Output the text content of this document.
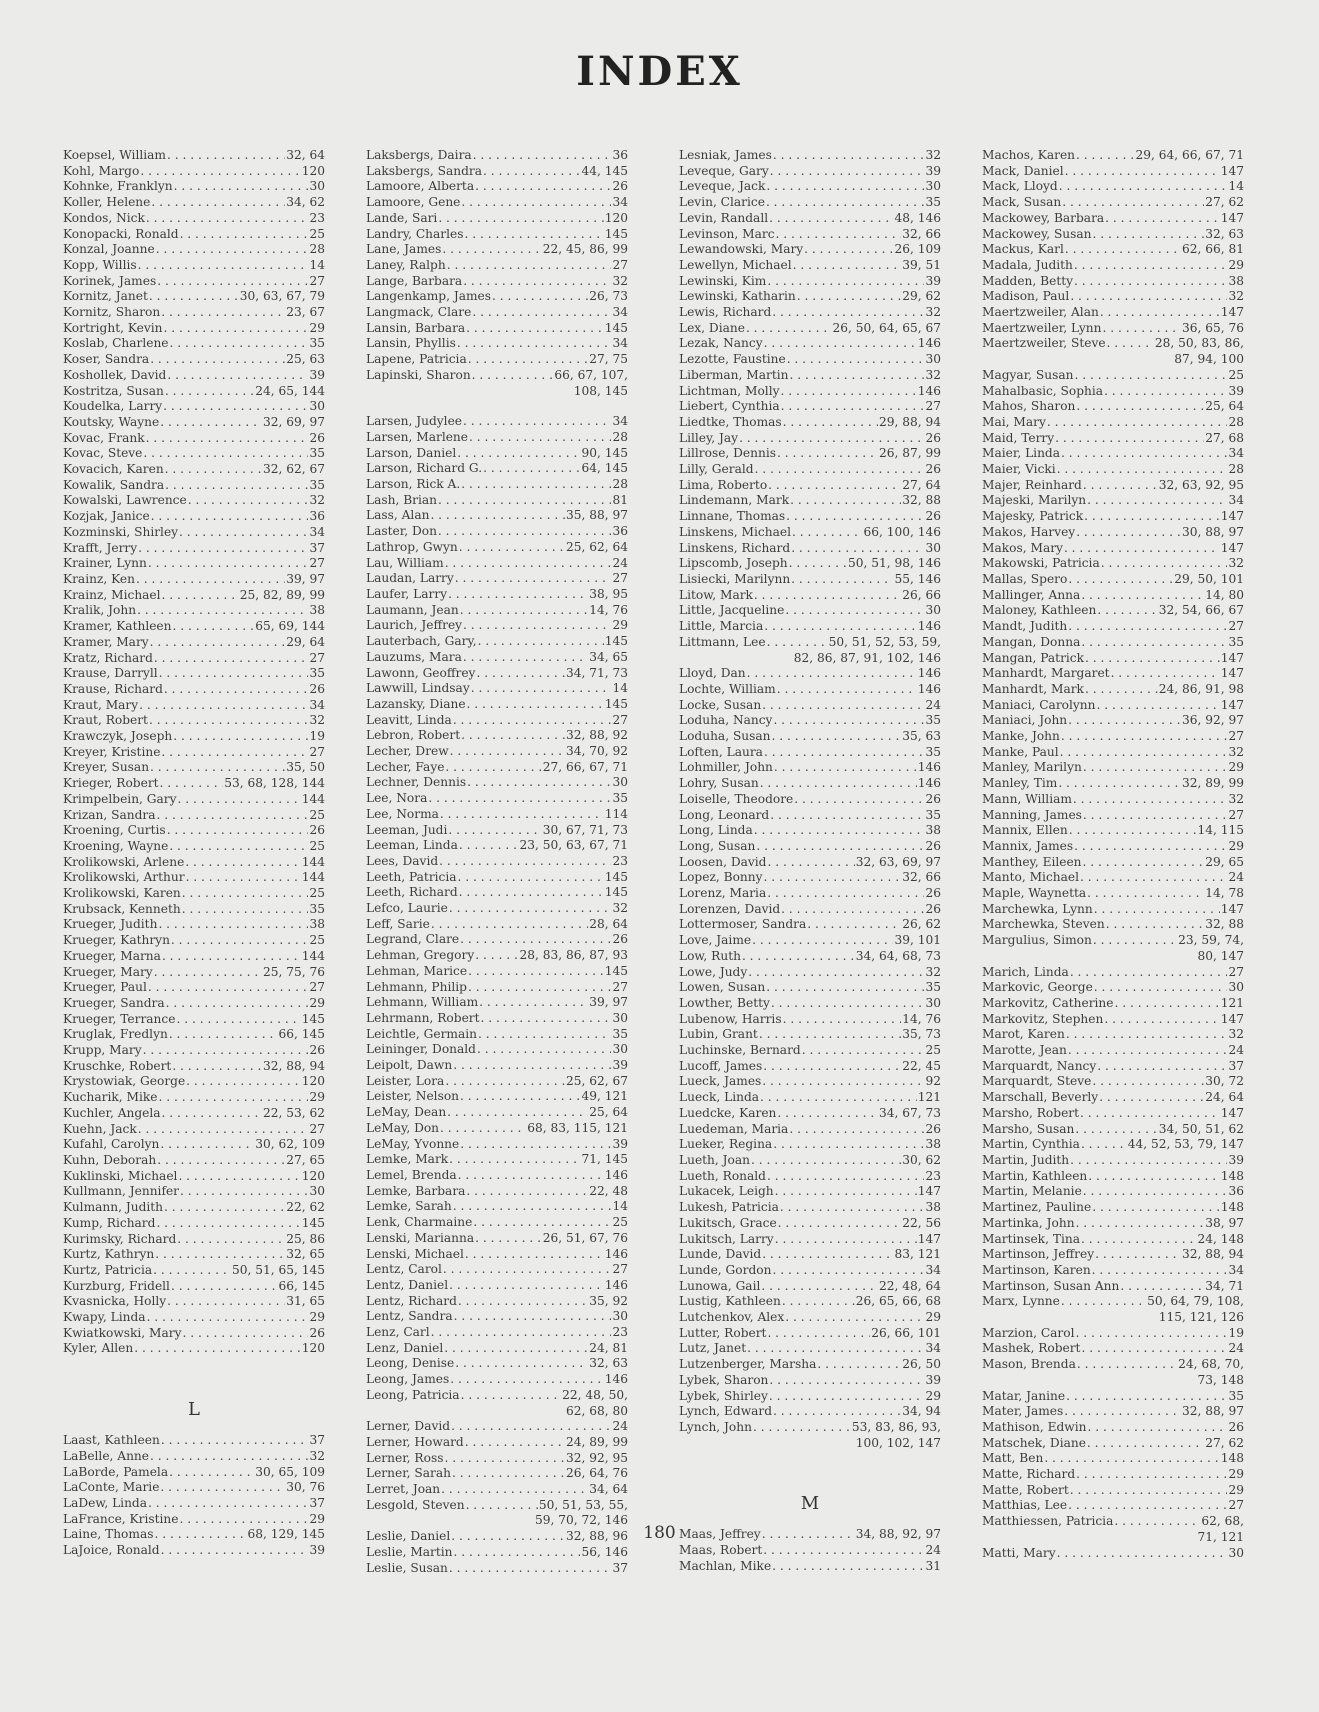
INDEX
Koepsel, William . . .	32, 64
Kohl, Margo . . .	120
Kohnke, Franklyn . . .	30
Koller, Helene . . .	34, 62
Kondos, Nick . . .	23
Konopacki, Ronald . . .	25
Konzal, Joanne . . .	28
Kopp, Willis . . .	14
Korinek, James . . .	27
Kornitz, Janet . . .	30, 63, 67, 79
Kornitz, Sharon . . .	23, 67
Kortright, Kevin . . .	29
Koslab, Charlene . . .	35
Koser, Sandra . . .	25, 63
Koshollek, David . . .	39
Kostritza, Susan . . .	24, 65, 144
Koudelka, Larry . . .	30
Koutsky, Wayne . . .	32, 69, 97
Kovac, Frank . . .	26
Kovac, Steve . . .	35
Kovacich, Karen . . .	32, 62, 67
Kowalik, Sandra . . .	35
Kowalski, Lawrence . . .	32
Kozjak, Janice . . .	36
Kozminski, Shirley . . .	34
Krafft, Jerry . . .	37
Krainer, Lynn . . .	27
Krainz, Ken . . .	39, 97
Krainz, Michael . . .	25, 82, 89, 99
Kralik, John . . .	38
Kramer, Kathleen . . .	65, 69, 144
Kramer, Mary . . .	29, 64
Kratz, Richard . . .	27
Krause, Darryll . . .	35
Krause, Richard . . .	26
Kraut, Mary . . .	34
Kraut, Robert . . .	32
Krawczyk, Joseph . . .	19
Kreyer, Kristine . . .	27
Kreyer, Susan . . .	35, 50
Krieger, Robert . . .	53, 68, 128, 144
Krimpelbein, Gary . . .	144
Krizan, Sandra . . .	25
Kroening, Curtis . . .	26
Kroening, Wayne . . .	25
Krolikowski, Arlene . . .	144
Krolikowski, Arthur . . .	144
Krolikowski, Karen . . .	25
Krubsack, Kenneth . . .	35
Krueger, Judith . . .	38
Krueger, Kathryn . . .	25
Krueger, Marna . . .	144
Krueger, Mary . . .	25, 75, 76
Krueger, Paul . . .	27
Krueger, Sandra . . .	29
Krueger, Terrance . . .	145
Kruglak, Fredlyn . . .	66, 145
Krupp, Mary . . .	26
Kruschke, Robert . . .	32, 88, 94
Krystowiak, George . . .	120
Kucharik, Mike . . .	29
Kuchler, Angela . . .	22, 53, 62
Kuehn, Jack . . .	27
Kufahl, Carolyn . . .	30, 62, 109
Kuhn, Deborah . . .	27, 65
Kuklinski, Michael . . .	120
Kullmann, Jennifer . . .	30
Kulmann, Judith . . .	22, 62
Kump, Richard . . .	145
Kurimsky, Richard . . .	25, 86
Kurtz, Kathryn . . .	32, 65
Kurtz, Patricia . . .	50, 51, 65, 145
Kurzburg, Fridell . . .	66, 145
Kvasnicka, Holly . . .	31, 65
Kwapy, Linda . . .	29
Kwiatkowski, Mary . . .	26
Kyler, Allen . . .	120
L
Laast, Kathleen . . .	37
LaBelle, Anne . . .	32
LaBorde, Pamela . . .	30, 65, 109
LaConte, Marie . . .	30, 76
LaDew, Linda . . .	37
LaFrance, Kristine . . .	29
Laine, Thomas . . .	68, 129, 145
LaJoice, Ronald . . .	39
Laksbergs, Daira . . .	36
Laksbergs, Sandra . . .	44, 145
Lamoore, Alberta . . .	26
Lamoore, Gene . . .	34
Lande, Sari . . .	120
Landry, Charles . . .	145
Lane, James . . .	22, 45, 86, 99
Laney, Ralph . . .	27
Lange, Barbara . . .	32
Langenkamp, James . . .	26, 73
Langmack, Clare . . .	34
Lansin, Barbara . . .	145
Lansin, Phyllis . . .	34
Lapene, Patricia . . .	27, 75
Lapinski, Sharon . . .	66, 67, 107,
108, 145
Larsen, Judylee . . .	34
Larsen, Marlene . . .	28
Larson, Daniel . . .	90, 145
Larson, Richard G. . . .	64, 145
Larson, Rick A. . . .	28
Lash, Brian . . .	81
Lass, Alan . . .	35, 88, 97
Laster, Don . . .	36
Lathrop, Gwyn . . .	25, 62, 64
Lau, William . . .	24
Laudan, Larry . . .	27
Laufer, Larry . . .	38, 95
Laumann, Jean . . .	14, 76
Laurich, Jeffrey . . .	29
Lauterbach, Gary, . . .	145
Lauzums, Mara . . .	34, 65
Lawonn, Geoffrey . . .	34, 71, 73
Lawwill, Lindsay . . .	14
Lazansky, Diane . . .	145
Leavitt, Linda . . .	27
Lebron, Robert . . .	32, 88, 92
Lecher, Drew . . .	34, 70, 92
Lecher, Faye . . .	27, 66, 67, 71
Lechner, Dennis . . .	30
Lee, Nora . . .	35
Lee, Norma . . .	114
Leeman, Judi . . .	30, 67, 71, 73
Leeman, Linda . . .	23, 50, 63, 67, 71
Lees, David . . .	23
Leeth, Patricia . . .	145
Leeth, Richard . . .	145
Lefco, Laurie . . .	32
Leff, Sarie . . .	28, 64
Legrand, Clare . . .	26
Lehman, Gregory . . .	28, 83, 86, 87, 93
Lehman, Marice . . .	145
Lehmann, Philip . . .	27
Lehmann, William . . .	39, 97
Lehrmann, Robert . . .	30
Leichtle, Germain . . .	35
Leininger, Donald . . .	30
Leipolt, Dawn . . .	39
Leister, Lora . . .	25, 62, 67
Leister, Nelson . . .	49, 121
LeMay, Dean . . .	25, 64
LeMay, Don . . .	68, 83, 115, 121
LeMay, Yvonne . . .	39
Lemke, Mark . . .	71, 145
Lemel, Brenda . . .	146
Lemke, Barbara . . .	22, 48
Lemke, Sarah . . .	14
Lenk, Charmaine . . .	25
Lenski, Marianna . . .	26, 51, 67, 76
Lenski, Michael . . .	146
Lentz, Carol . . .	27
Lentz, Daniel . . .	146
Lentz, Richard . . .	35, 92
Lentz, Sandra . . .	30
Lenz, Carl . . .	23
Lenz, Daniel . . .	24, 81
Leong, Denise . . .	32, 63
Leong, James . . .	146
Leong, Patricia . . .	22, 48, 50,
62, 68, 80
Lerner, David . . .	24
Lerner, Howard . . .	24, 89, 99
Lerner, Ross . . .	32, 92, 95
Lerner, Sarah . . .	26, 64, 76
Lerret, Joan . . .	34, 64
Lesgold, Steven . . .	50, 51, 53, 55,
59, 70, 72, 146
Leslie, Daniel . . .	32, 88, 96
Leslie, Martin . . .	56, 146
Leslie, Susan . . .	37
Lesniak, James . . .	32
Leveque, Gary . . .	39
Leveque, Jack . . .	30
Levin, Clarice . . .	35
Levin, Randall . . .	48, 146
Levinson, Marc . . .	32, 66
Lewandowski, Mary . . .	26, 109
Lewellyn, Michael . . .	39, 51
Lewinski, Kim . . .	39
Lewinski, Katharin . . .	29, 62
Lewis, Richard . . .	32
Lex, Diane . . .	26, 50, 64, 65, 67
Lezak, Nancy . . .	146
Lezotte, Faustine . . .	30
Liberman, Martin . . .	32
Lichtman, Molly . . .	146
Liebert, Cynthia . . .	27
Liedtke, Thomas . . .	29, 88, 94
Lilley, Jay . . .	26
Lillrose, Dennis . . .	26, 87, 99
Lilly, Gerald . . .	26
Lima, Roberto . . .	27, 64
Lindemann, Mark . . .	32, 88
Linnane, Thomas . . .	26
Linskens, Michael . . .	66, 100, 146
Linskens, Richard . . .	30
Lipscomb, Joseph . . .	50, 51, 98, 146
Lisiecki, Marilynn . . .	55, 146
Litow, Mark . . .	26, 66
Little, Jacqueline . . .	30
Little, Marcia . . .	146
Littmann, Lee . . .	50, 51, 52, 53, 59,
82, 86, 87, 91, 102, 146
Lloyd, Dan . . .	146
Lochte, William . . .	146
Locke, Susan . . .	24
Loduha, Nancy . . .	35
Loduha, Susan . . .	35, 63
Loften, Laura . . .	35
Lohmiller, John . . .	146
Lohry, Susan . . .	146
Loiselle, Theodore . . .	26
Long, Leonard . . .	35
Long, Linda . . .	38
Long, Susan . . .	26
Loosen, David . . .	32, 63, 69, 97
Lopez, Bonny . . .	32, 66
Lorenz, Maria . . .	26
Lorenzen, David . . .	26
Lottermoser, Sandra . . .	26, 62
Love, Jaime . . .	39, 101
Low, Ruth . . .	34, 64, 68, 73
Lowe, Judy . . .	32
Lowen, Susan . . .	35
Lowther, Betty . . .	30
Lubenow, Harris . . .	14, 76
Lubin, Grant . . .	35, 73
Luchinske, Bernard . . .	25
Lucoff, James . . .	22, 45
Lueck, James . . .	92
Lueck, Linda . . .	121
Luedcke, Karen . . .	34, 67, 73
Luedeman, Maria . . .	26
Lueker, Regina . . .	38
Lueth, Joan . . .	30, 62
Lueth, Ronald . . .	23
Lukacek, Leigh . . .	147
Lukesh, Patricia . . .	38
Lukitsch, Grace . . .	22, 56
Lukitsch, Larry . . .	147
Lunde, David . . .	83, 121
Lunde, Gordon . . .	34
Lunowa, Gail . . .	22, 48, 64
Lustig, Kathleen . . .	26, 65, 66, 68
Lutchenkov, Alex . . .	29
Lutter, Robert . . .	26, 66, 101
Lutz, Janet . . .	34
Lutzenberger, Marsha . . .	26, 50
Lybek, Sharon . . .	39
Lybek, Shirley . . .	29
Lynch, Edward . . .	34, 94
Lynch, John . . .	53, 83, 86, 93,
100, 102, 147
M
Maas, Jeffrey . . .	34, 88, 92, 97
Maas, Robert . . .	24
Machlan, Mike . . .	31
Machos, Karen . . .	29, 64, 66, 67, 71
Mack, Daniel . . .	147
Mack, Lloyd . . .	14
Mack, Susan . . .	27, 62
Mackowey, Barbara . . .	147
Mackowey, Susan . . .	32, 63
Mackus, Karl . . .	62, 66, 81
Madala, Judith . . .	29
Madden, Betty . . .	38
Madison, Paul . . .	32
Maertzweiler, Alan . . .	147
Maertzweiler, Lynn . . .	36, 65, 76
Maertzweiler, Steve . . .	28, 50, 83, 86,
87, 94, 100
Magyar, Susan . . .	25
Mahalbasic, Sophia . . .	39
Mahos, Sharon . . .	25, 64
Mai, Mary . . .	28
Maid, Terry . . .	27, 68
Maier, Linda . . .	34
Maier, Vicki . . .	28
Majer, Reinhard . . .	32, 63, 92, 95
Majeski, Marilyn . . .	34
Majesky, Patrick . . .	147
Makos, Harvey . . .	30, 88, 97
Makos, Mary . . .	147
Makowski, Patricia . . .	32
Mallas, Spero . . .	29, 50, 101
Mallinger, Anna . . .	14, 80
Maloney, Kathleen . . .	32, 54, 66, 67
Mandt, Judith . . .	27
Mangan, Donna . . .	35
Mangan, Patrick . . .	147
Manhardt, Margaret . . .	147
Manhardt, Mark . . .	24, 86, 91, 98
Maniaci, Carolynn . . .	147
Maniaci, John . . .	36, 92, 97
Manke, John . . .	27
Manke, Paul . . .	32
Manley, Marilyn . . .	29
Manley, Tim . . .	32, 89, 99
Mann, William . . .	32
Manning, James . . .	27
Mannix, Ellen . . .	14, 115
Mannix, James . . .	29
Manthey, Eileen . . .	29, 65
Manto, Michael . . .	24
Maple, Waynetta . . .	14, 78
Marchewka, Lynn . . .	147
Marchewka, Steven . . .	32, 88
Margulius, Simon . . .	23, 59, 74,
80, 147
Marich, Linda . . .	27
Markovic, George . . .	30
Markovitz, Catherine . . .	121
Markovitz, Stephen . . .	147
Marot, Karen . . .	32
Marotte, Jean . . .	24
Marquardt, Nancy . . .	37
Marquardt, Steve . . .	30, 72
Marschall, Beverly . . .	24, 64
Marsho, Robert . . .	147
Marsho, Susan . . .	34, 50, 51, 62
Martin, Cynthia . . .	44, 52, 53, 79, 147
Martin, Judith . . .	39
Martin, Kathleen . . .	148
Martin, Melanie . . .	36
Martinez, Pauline . . .	148
Martinka, John . . .	38, 97
Martinsek, Tina . . .	24, 148
Martinson, Jeffrey . . .	32, 88, 94
Martinson, Karen . . .	34
Martinson, Susan Ann . . .	34, 71
Marx, Lynne . . .	50, 64, 79, 108,
115, 121, 126
Marzion, Carol . . .	19
Mashek, Robert . . .	24
Mason, Brenda . . .	24, 68, 70,
73, 148
Matar, Janine . . .	35
Mater, James . . .	32, 88, 97
Mathison, Edwin . . .	26
Matschek, Diane . . .	27, 62
Matt, Ben . . .	148
Matte, Richard . . .	29
Matte, Robert . . .	29
Matthias, Lee . . .	27
Matthiessen, Patricia . . .	62, 68,
71, 121
Matti, Mary . . .	30
180
